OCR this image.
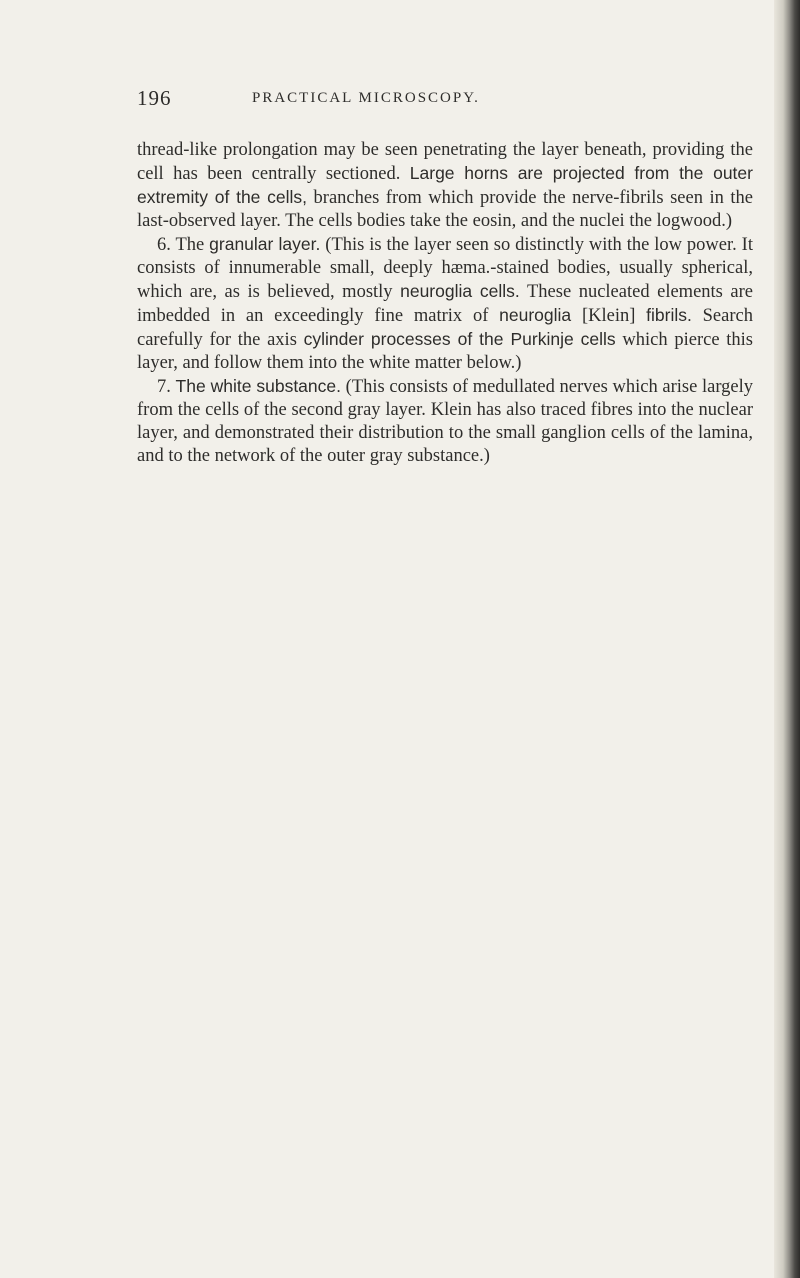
196	PRACTICAL MICROSCOPY.

thread-like prolongation may be seen penetrating the layer beneath, providing the cell has been centrally sectioned. Large horns are projected from the outer extremity of the cells, branches from which provide the nerve-fibrils seen in the last-observed layer. The cells bodies take the eosin, and the nuclei the logwood.)

6. The granular layer. (This is the layer seen so distinctly with the low power. It consists of innumerable small, deeply hæma.-stained bodies, usually spherical, which are, as is believed, mostly neuroglia cells. These nucleated elements are imbedded in an exceedingly fine matrix of neuroglia [Klein] fibrils. Search carefully for the axis cylinder processes of the Purkinje cells which pierce this layer, and follow them into the white matter below.)

7. The white substance. (This consists of medullated nerves which arise largely from the cells of the second gray layer. Klein has also traced fibres into the nuclear layer, and demonstrated their distribution to the small ganglion cells of the lamina, and to the network of the outer gray substance.)
